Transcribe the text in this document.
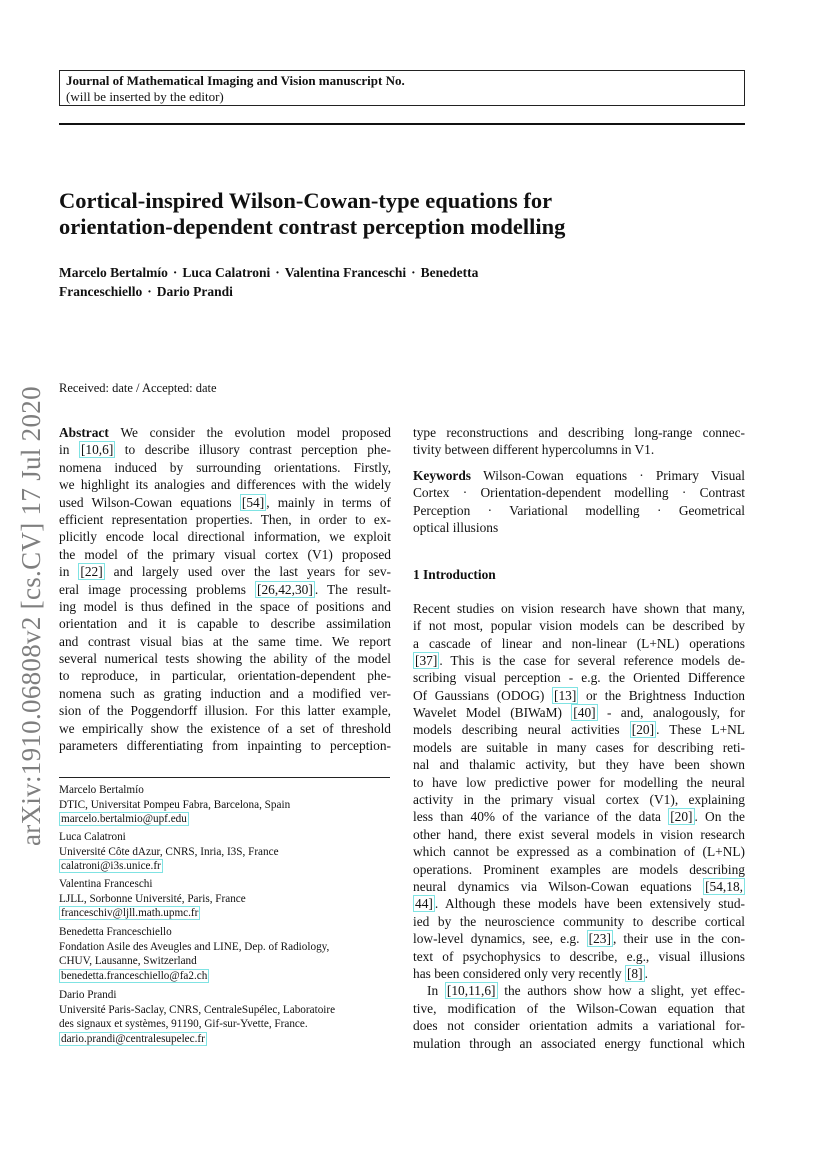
Journal of Mathematical Imaging and Vision manuscript No.
(will be inserted by the editor)
Cortical-inspired Wilson-Cowan-type equations for
orientation-dependent contrast perception modelling
Marcelo Bertalmío · Luca Calatroni · Valentina Franceschi · Benedetta
Franceschiello · Dario Prandi
Received: date / Accepted: date
arXiv:1910.06808v2 [cs.CV] 17 Jul 2020 Abstract We consider the evolution model proposed
in [10,6] to describe illusory contrast perception phe-
nomena induced by surrounding orientations. Firstly,
we highlight its analogies and differences with the widely
used Wilson-Cowan equations [54] , mainly in terms of
efficient representation properties. Then, in order to ex-
plicitly encode local directional information, we exploit
the model of the primary visual cortex (V1) proposed
in [22] and largely used over the last years for sev-
eral image processing problems [26,42,30] . The result-
ing model is thus defined in the space of positions and
orientation and it is capable to describe assimilation
and contrast visual bias at the same time. We report
several numerical tests showing the ability of the model
to reproduce, in particular, orientation-dependent phe-
nomena such as grating induction and a modified ver-
sion of the Poggendorff illusion. For this latter example,
we empirically show the existence of a set of threshold
parameters differentiating from inpainting to perception-
Marcelo Bertalmío
DTIC, Universitat Pompeu Fabra, Barcelona, Spain
marcelo.bertalmio@upf.edu
Luca Calatroni
Université Côte dAzur, CNRS, Inria, I3S, France
calatroni@i3s.unice.fr
Valentina Franceschi
LJLL, Sorbonne Université, Paris, France
franceschiv@ljll.math.upmc.fr
Benedetta Franceschiello
Fondation Asile des Aveugles and LINE, Dep. of Radiology,
CHUV, Lausanne, Switzerland
benedetta.franceschiello@fa2.ch
Dario Prandi
Université Paris-Saclay, CNRS, CentraleSupélec, Laboratoire
des signaux et systèmes, 91190, Gif-sur-Yvette, France.
dario.prandi@centralesupelec.fr
type reconstructions and describing long-range connec-
tivity between different hypercolumns in V1.
Keywords Wilson-Cowan equations · Primary Visual
Cortex · Orientation-dependent modelling · Contrast
Perception · Variational modelling · Geometrical
optical illusions
1 Introduction
Recent studies on vision research have shown that many,
if not most, popular vision models can be described by
a cascade of linear and non-linear (L+NL) operations
[37] . This is the case for several reference models de-
scribing visual perception - e.g. the Oriented Difference
Of Gaussians (ODOG) [13] or the Brightness Induction
Wavelet Model (BIWaM) [40] - and, analogously, for
models describing neural activities [20] . These L+NL
models are suitable in many cases for describing reti-
nal and thalamic activity, but they have been shown
to have low predictive power for modelling the neural
activity in the primary visual cortex (V1), explaining
less than 40% of the variance of the data [20] . On the
other hand, there exist several models in vision research
which cannot be expressed as a combination of (L+NL)
operations. Prominent examples are models describing
neural dynamics via Wilson-Cowan equations [54,18,
44] . Although these models have been extensively stud-
ied by the neuroscience community to describe cortical
low-level dynamics, see, e.g. [23] , their use in the con-
text of psychophysics to describe, e.g., visual illusions
has been considered only very recently [8] .
In [10,11,6] the authors show how a slight, yet effec-
tive, modification of the Wilson-Cowan equation that
does not consider orientation admits a variational for-
mulation through an associated energy functional which
